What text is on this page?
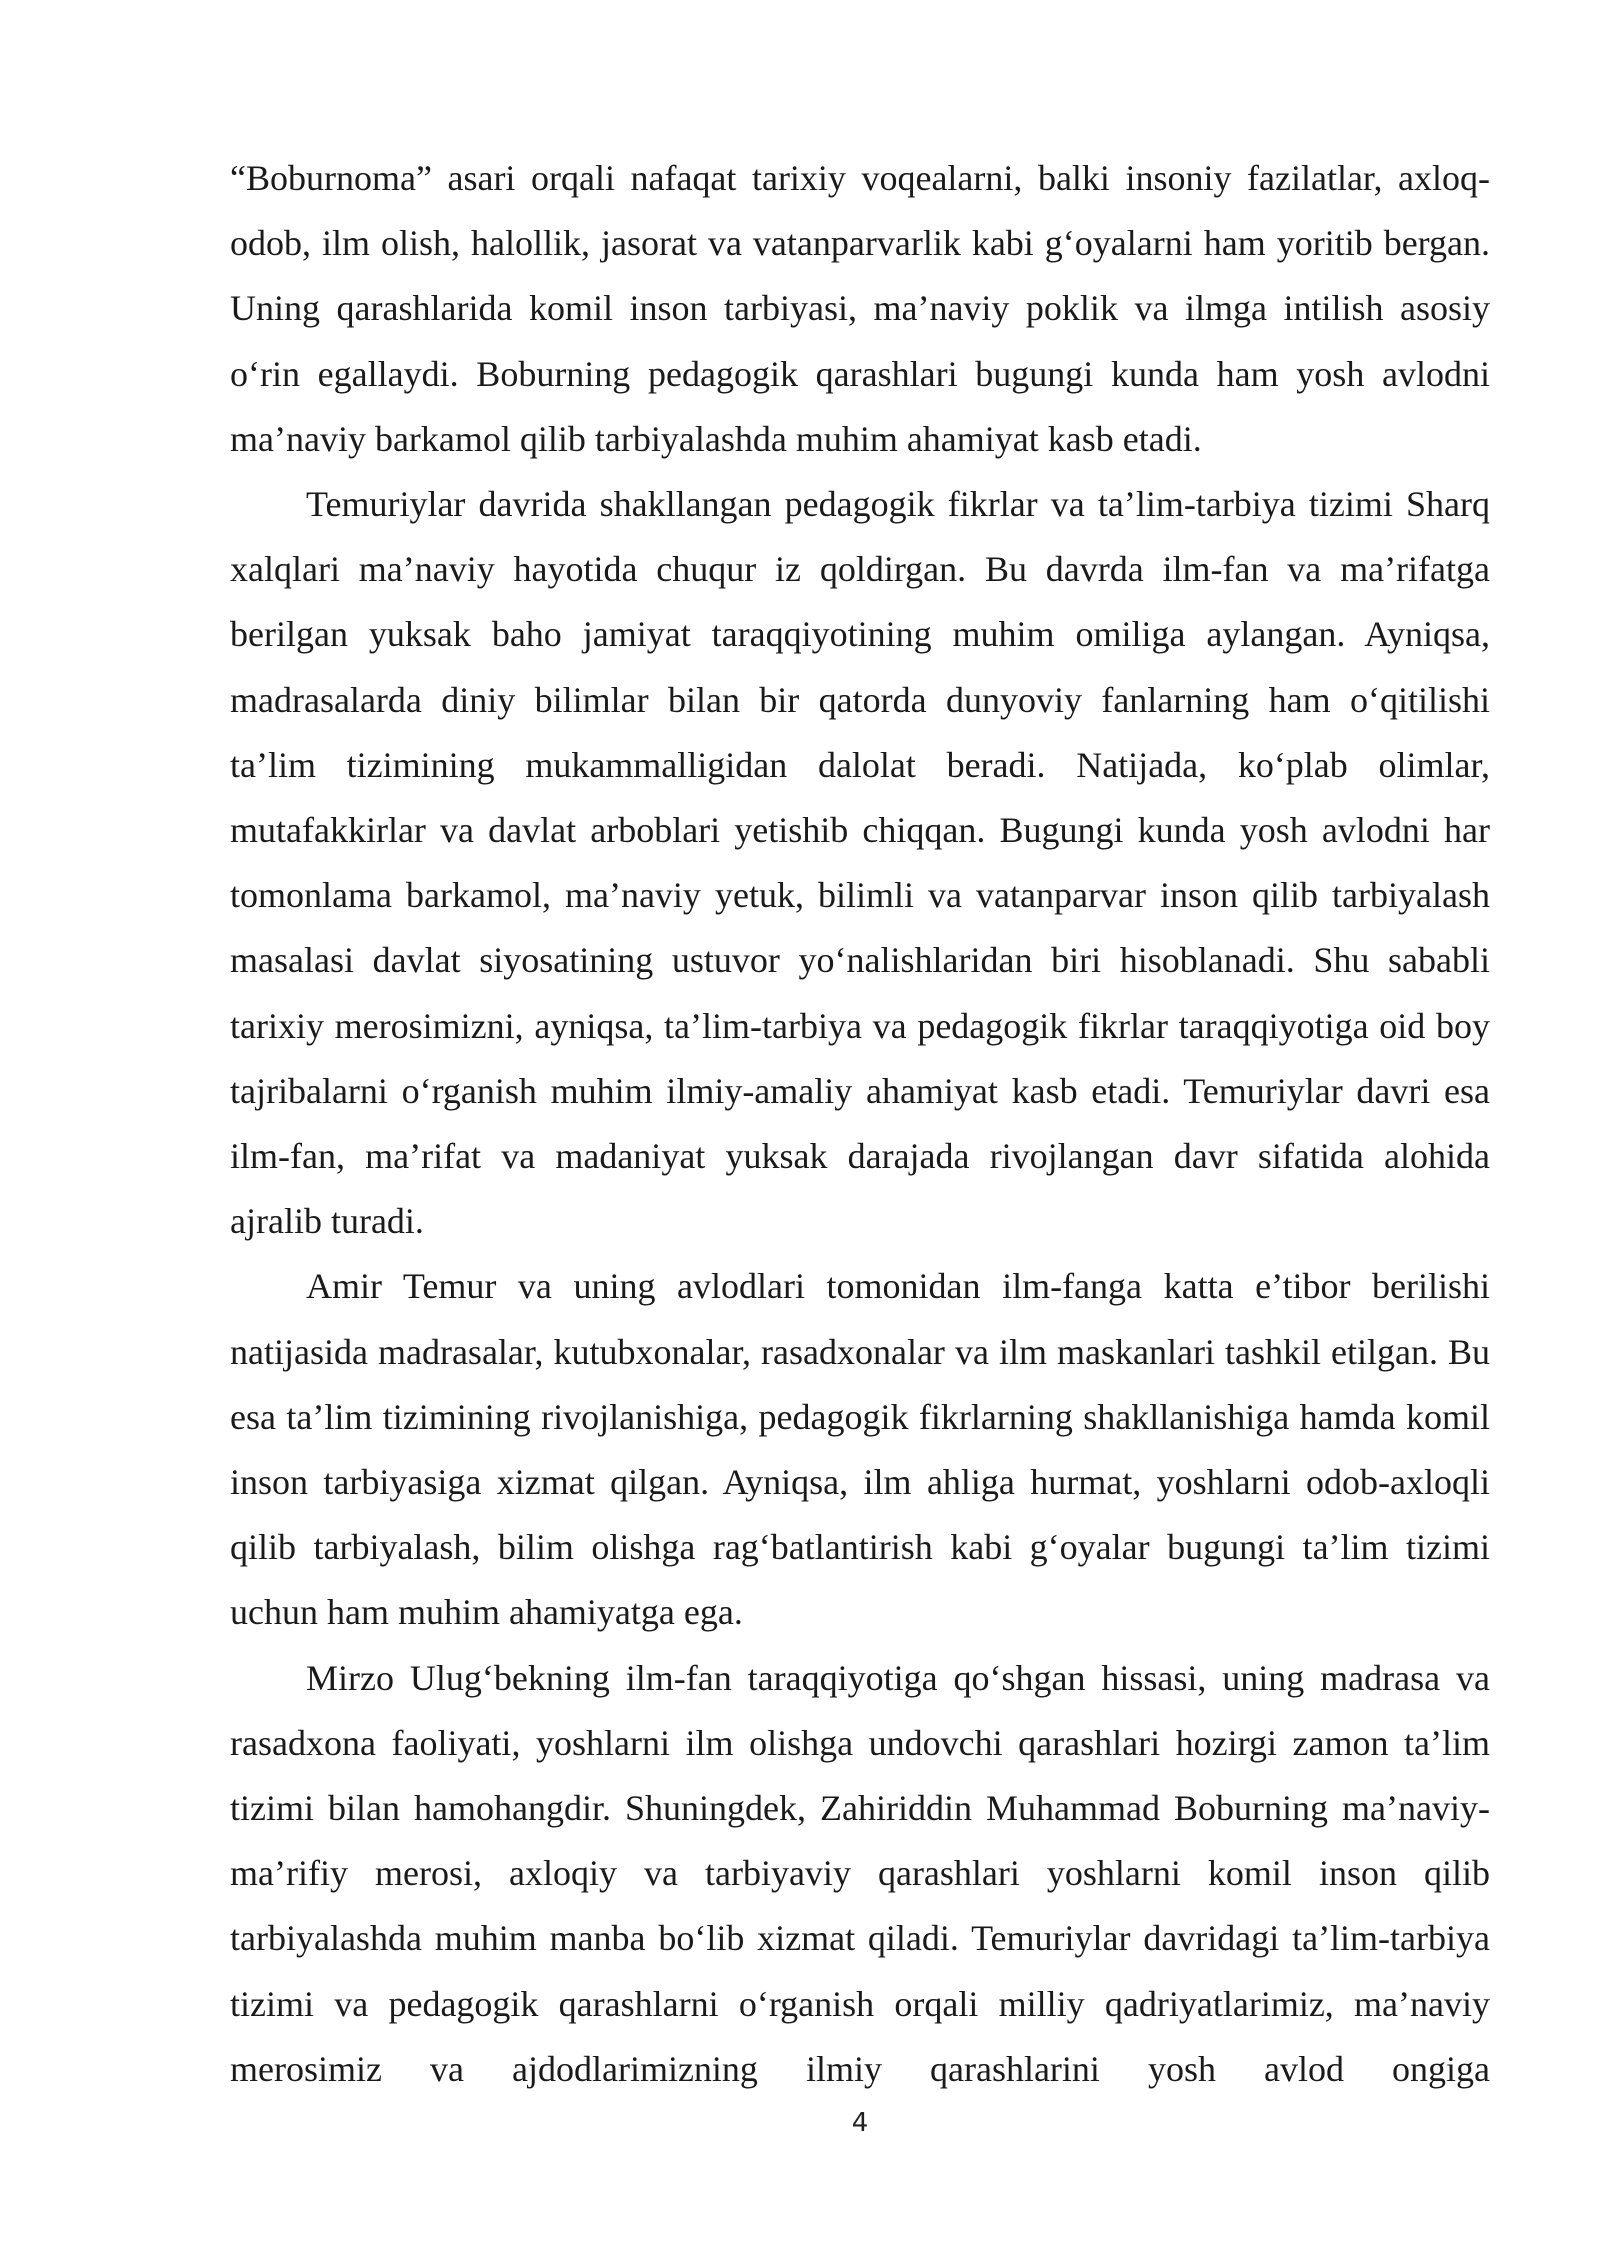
“Boburnoma” asari orqali nafaqat tarixiy voqealarni, balki insoniy fazilatlar, axloq-odob, ilm olish, halollik, jasorat va vatanparvarlik kabi g‘oyalarni ham yoritib bergan. Uning qarashlarida komil inson tarbiyasi, ma’naviy poklik va ilmga intilish asosiy o‘rin egallaydi. Boburning pedagogik qarashlari bugungi kunda ham yosh avlodni ma’naviy barkamol qilib tarbiyalashda muhim ahamiyat kasb etadi.

Temuriylar davrida shakllangan pedagogik fikrlar va ta’lim-tarbiya tizimi Sharq xalqlari ma’naviy hayotida chuqur iz qoldirgan. Bu davrda ilm-fan va ma’rifatga berilgan yuksak baho jamiyat taraqqiyotining muhim omiliga aylangan. Ayniqsa, madrasalarda diniy bilimlar bilan bir qatorda dunyoviy fanlarning ham o‘qitilishi ta’lim tizimining mukammalligidan dalolat beradi. Natijada, ko‘plab olimlar, mutafakkirlar va davlat arboblari yetishib chiqqan. Bugungi kunda yosh avlodni har tomonlama barkamol, ma’naviy yetuk, bilimli va vatanparvar inson qilib tarbiyalash masalasi davlat siyosatining ustuvor yo‘nalishlaridan biri hisoblanadi. Shu sababli tarixiy merosimizni, ayniqsa, ta’lim-tarbiya va pedagogik fikrlar taraqqiyotiga oid boy tajribalarni o‘rganish muhim ilmiy-amaliy ahamiyat kasb etadi. Temuriylar davri esa ilm-fan, ma’rifat va madaniyat yuksak darajada rivojlangan davr sifatida alohida ajralib turadi.

Amir Temur va uning avlodlari tomonidan ilm-fanga katta e’tibor berilishi natijasida madrasalar, kutubxonalar, rasadxonalar va ilm maskanlari tashkil etilgan. Bu esa ta’lim tizimining rivojlanishiga, pedagogik fikrlarning shakllanishiga hamda komil inson tarbiyasiga xizmat qilgan. Ayniqsa, ilm ahliga hurmat, yoshlarni odob-axloqli qilib tarbiyalash, bilim olishga rag‘batlantirish kabi g‘oyalar bugungi ta’lim tizimi uchun ham muhim ahamiyatga ega.

Mirzo Ulug‘bekning ilm-fan taraqqiyotiga qo‘shgan hissasi, uning madrasa va rasadxona faoliyati, yoshlarni ilm olishga undovchi qarashlari hozirgi zamon ta’lim tizimi bilan hamohangdir. Shuningdek, Zahiriddin Muhammad Boburning ma’naviy-ma’rifiy merosi, axloqiy va tarbiyaviy qarashlari yoshlarni komil inson qilib tarbiyalashda muhim manba bo‘lib xizmat qiladi. Temuriylar davridagi ta’lim-tarbiya tizimi va pedagogik qarashlarni o‘rganish orqali milliy qadriyatlarimiz, ma’naviy merosimiz va ajdodlarimizning ilmiy qarashlarini yosh avlod ongiga

4
